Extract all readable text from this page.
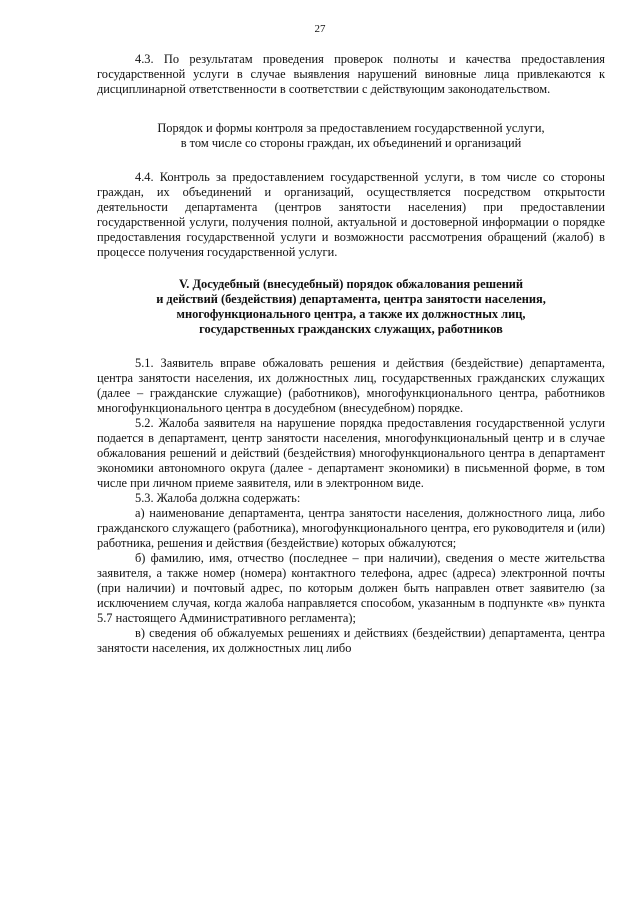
27

4.3. По результатам проведения проверок полноты и качества предоставления государственной услуги в случае выявления нарушений виновные лица привлекаются к дисциплинарной ответственности в соответствии с действующим законодательством.

Порядок и формы контроля за предоставлением государственной услуги,

в том числе со стороны граждан, их объединений и организаций

4.4. Контроль за предоставлением государственной услуги, в том числе со стороны граждан, их объединений и организаций, осуществляется посредством открытости деятельности департамента (центров занятости населения) при предоставлении государственной услуги, получения полной, актуальной и достоверной информации о порядке предоставления государственной услуги и возможности рассмотрения обращений (жалоб) в процессе получения государственной услуги.

V. Досудебный (внесудебный) порядок обжалования решений

и действий (бездействия) департамента, центра занятости населения,

многофункционального центра, а также их должностных лиц,

государственных гражданских служащих, работников

5.1. Заявитель вправе обжаловать решения и действия (бездействие) департамента, центра занятости населения, их должностных лиц, государственных гражданских служащих (далее – гражданские служащие) (работников), многофункционального центра, работников многофункционального центра в досудебном (внесудебном) порядке.

5.2. Жалоба заявителя на нарушение порядка предоставления государственной услуги подается в департамент, центр занятости населения, многофункциональный центр и в случае обжалования решений и действий (бездействия) многофункционального центра в департамент экономики автономного округа (далее - департамент экономики) в письменной форме, в том числе при личном приеме заявителя, или в электронном виде.

5.3. Жалоба должна содержать:

а) наименование департамента, центра занятости населения, должностного лица, либо гражданского служащего (работника), многофункционального центра, его руководителя и (или) работника, решения и действия (бездействие) которых обжалуются;

б) фамилию, имя, отчество (последнее – при наличии), сведения о месте жительства заявителя, а также номер (номера) контактного телефона, адрес (адреса) электронной почты (при наличии) и почтовый адрес, по которым должен быть направлен ответ заявителю (за исключением случая, когда жалоба направляется способом, указанным в подпункте «в» пункта 5.7 настоящего Административного регламента);

в) сведения об обжалуемых решениях и действиях (бездействии) департамента, центра занятости населения, их должностных лиц либо
